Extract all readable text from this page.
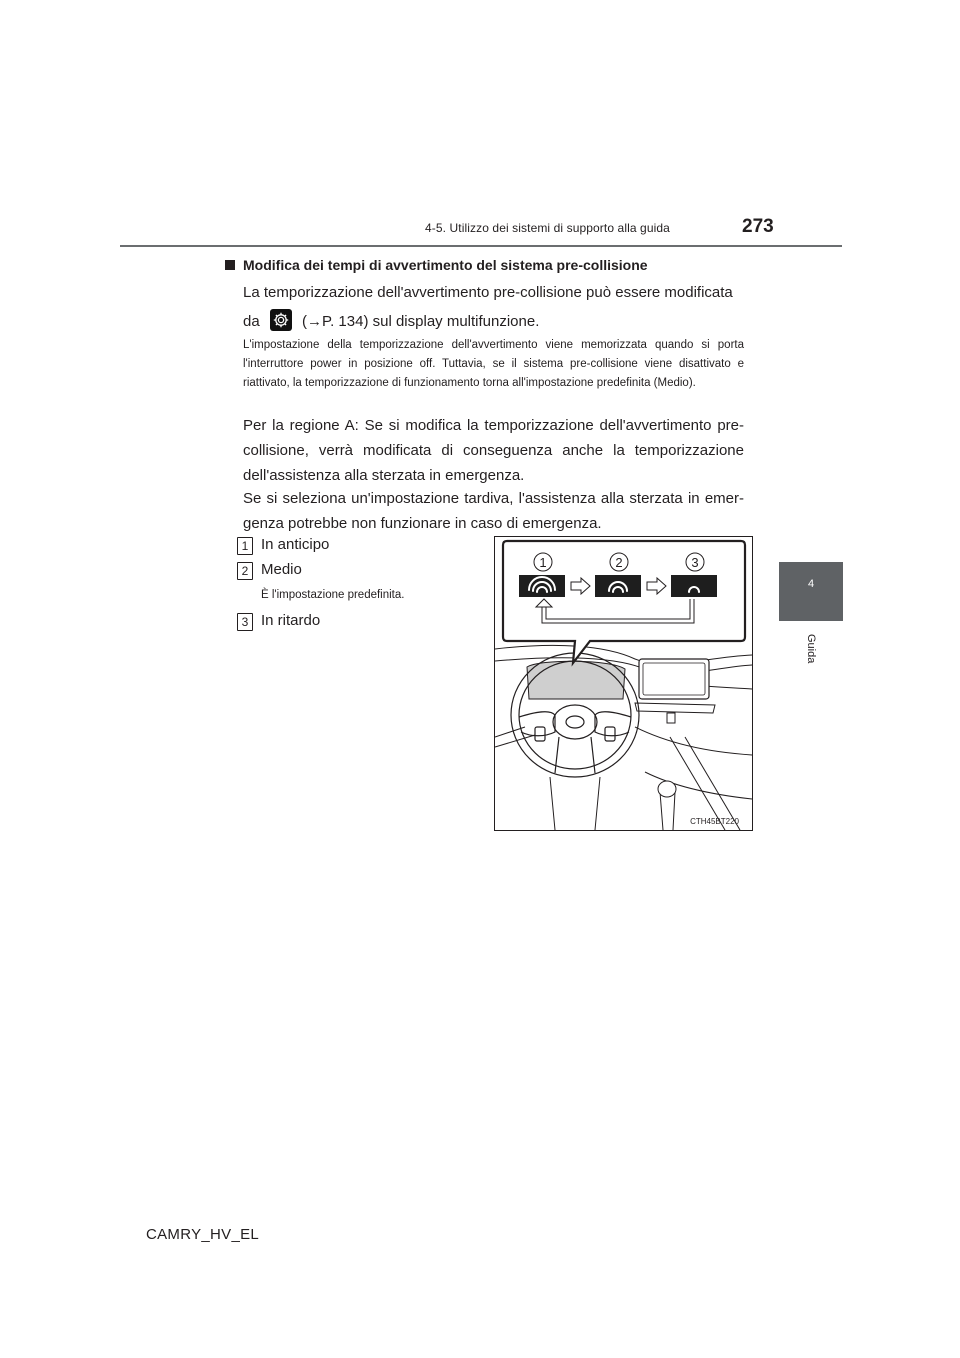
4-5. Utilizzo dei sistemi di supporto alla guida	273
4
Guida
Modifica dei tempi di avvertimento del sistema pre-collisione
La temporizzazione dell'avvertimento pre-collisione può essere modificata
da	(→P. 134) sul display multifunzione.
L'impostazione della temporizzazione dell'avvertimento viene memorizzata quando si porta l'interruttore power in posizione off. Tuttavia, se il sistema pre-collisione viene disattivato e riattivato, la temporizzazione di funzionamento torna all'impostazione predefinita (Medio).
Per la regione A: Se si modifica la temporizzazione dell'avvertimento pre-collisione, verrà modificata di conseguenza anche la temporizzazione dell'assistenza alla sterzata in emergenza.
Se si seleziona un'impostazione tardiva, l'assistenza alla sterzata in emer-genza potrebbe non funzionare in caso di emergenza.
1 In anticipo
2 Medio
È l'impostazione predefinita.
3 In ritardo
1	2	3
CTH45BT220
CAMRY_HV_EL
